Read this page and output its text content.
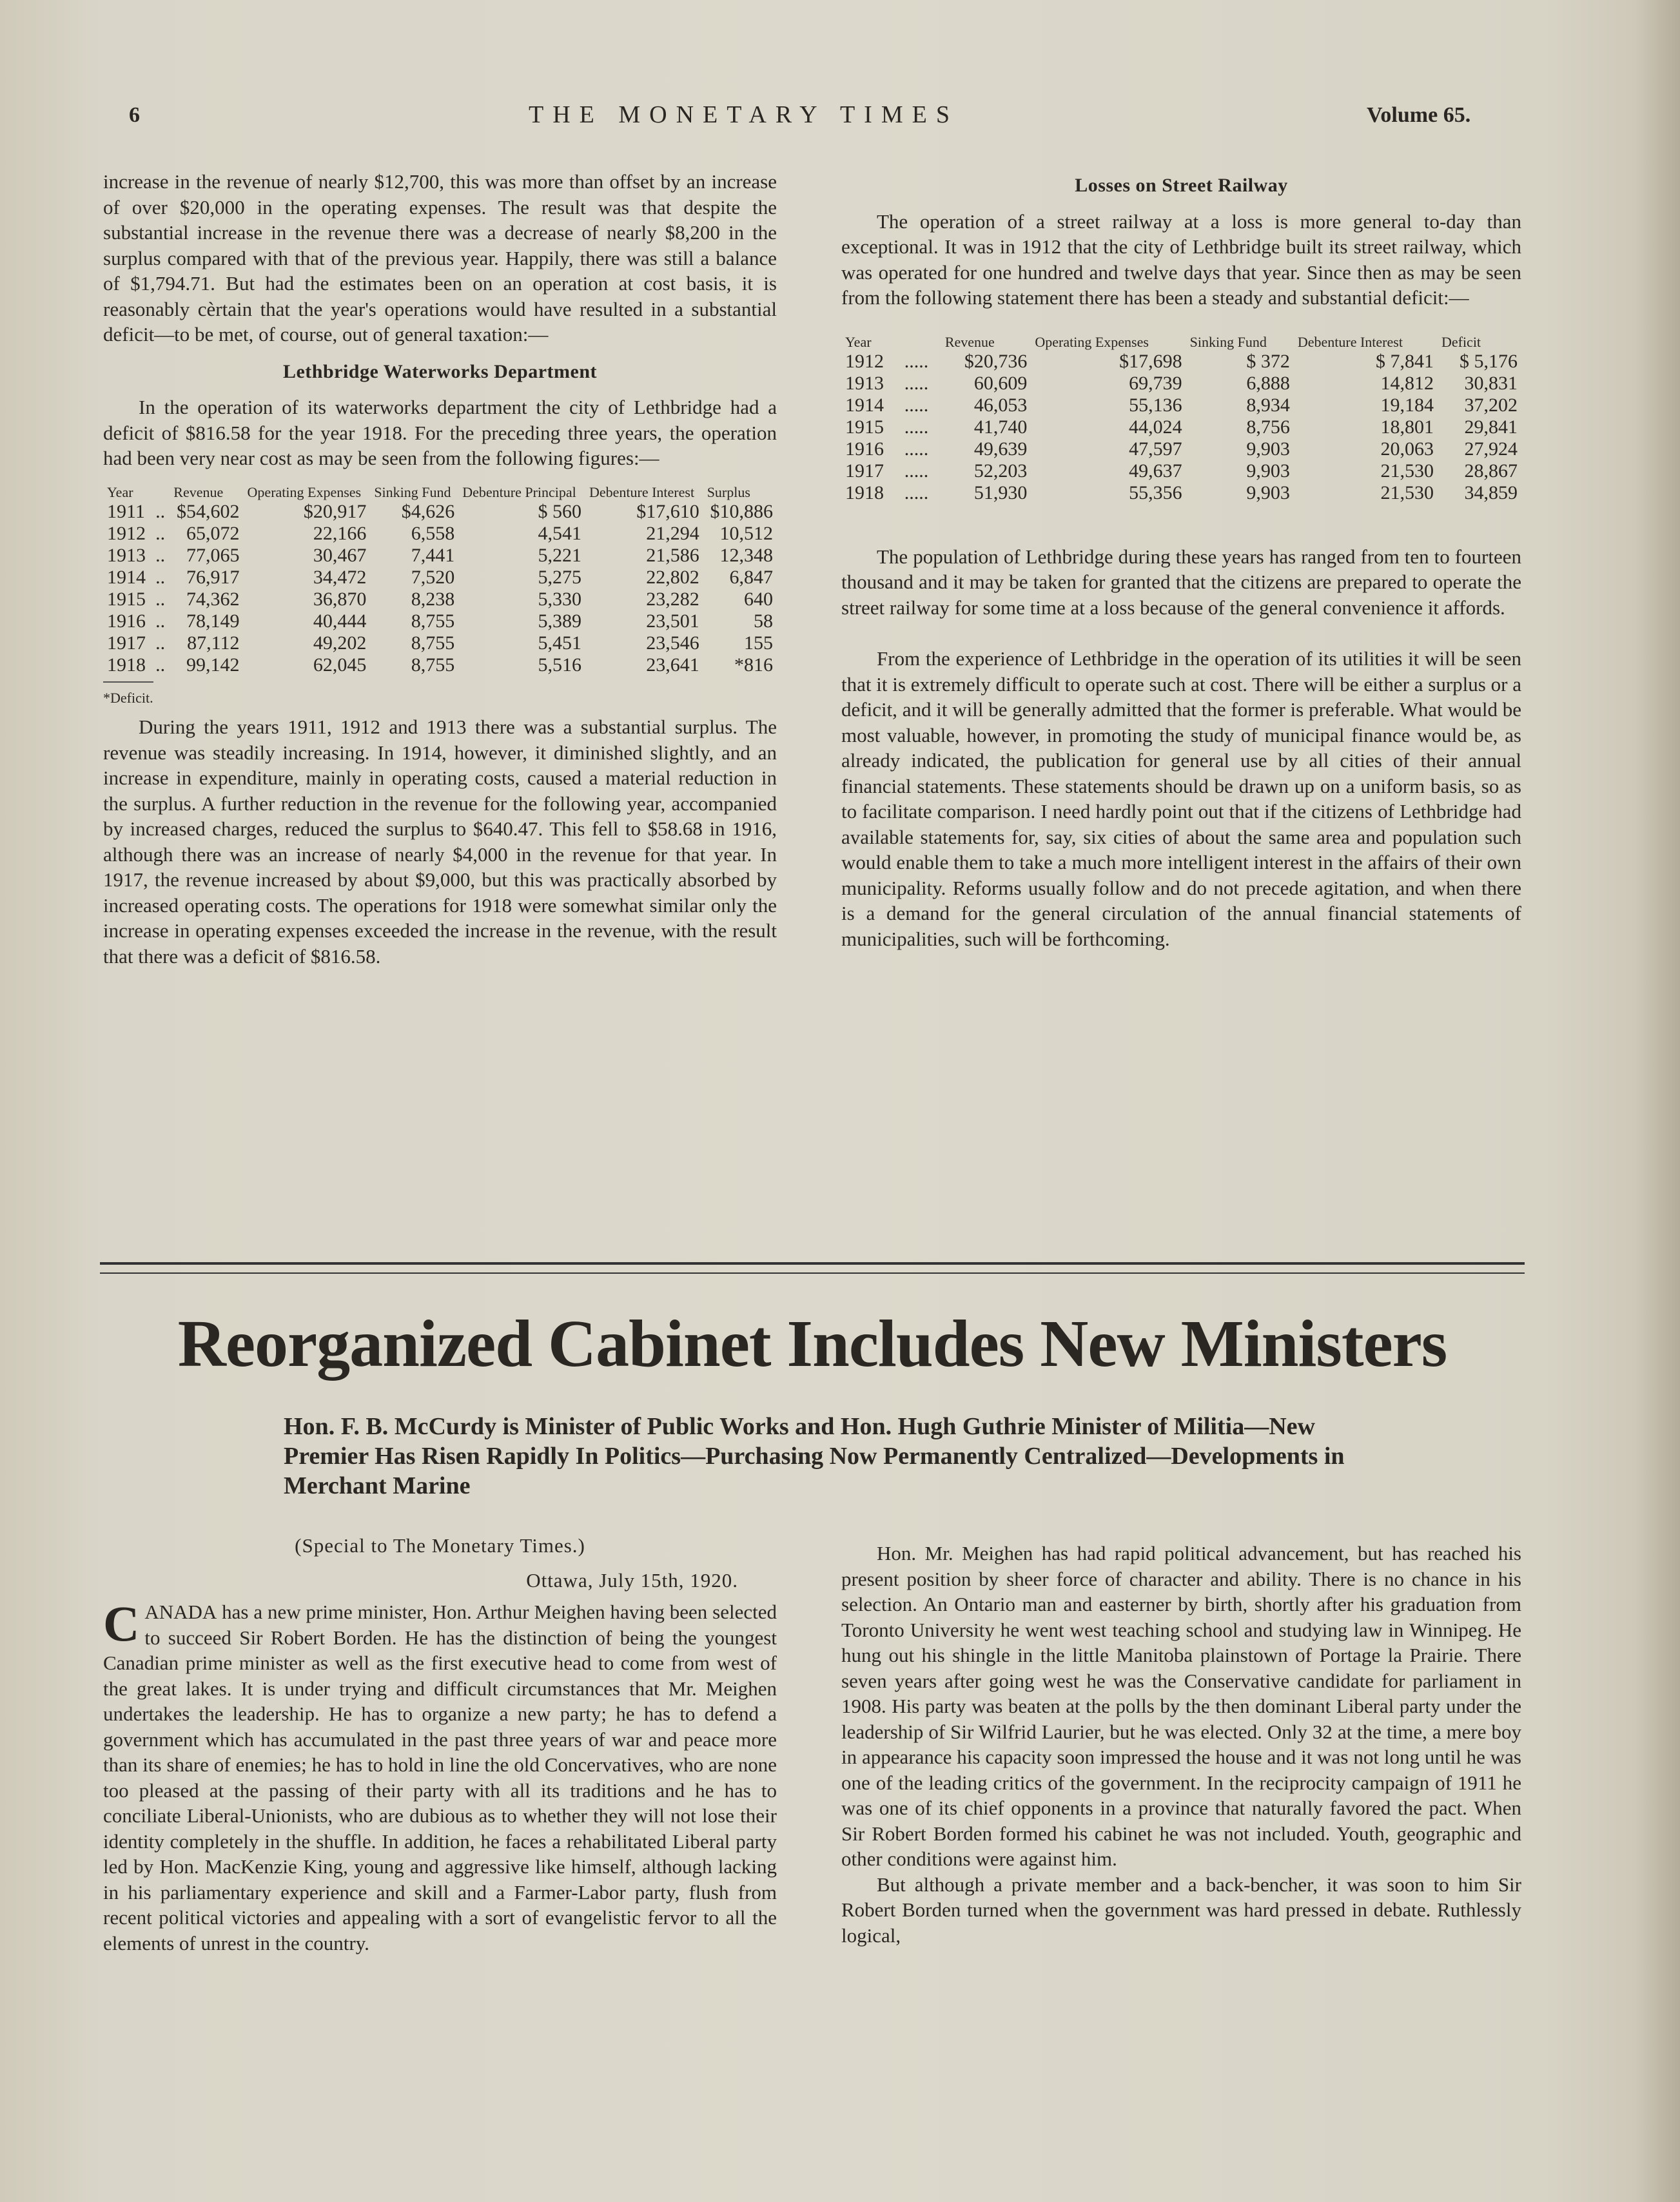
6	THE MONETARY TIMES	Volume 65.

increase in the revenue of nearly $12,700, this was more than offset by an increase of over $20,000 in the operating expenses. The result was that despite the substantial increase in the revenue there was a decrease of nearly $8,200 in the surplus compared with that of the previous year. Happily, there was still a balance of $1,794.71. But had the estimates been on an operation at cost basis, it is reasonably cèrtain that the year's operations would have resulted in a substantial deficit—to be met, of course, out of general taxation:—

Lethbridge Waterworks Department

In the operation of its waterworks department the city of Lethbridge had a deficit of $816.58 for the year 1918. For the preceding three years, the operation had been very near cost as may be seen from the following figures:—

Year		Revenue	Operating Expenses	Sinking Fund	Debenture Principal	Debenture Interest	Surplus
1911	..	$54,602	$20,917	$4,626	$ 560	$17,610	$10,886
1912	..	65,072	22,166	6,558	4,541	21,294	10,512
1913	..	77,065	30,467	7,441	5,221	21,586	12,348
1914	..	76,917	34,472	7,520	5,275	22,802	6,847
1915	..	74,362	36,870	8,238	5,330	23,282	640
1916	..	78,149	40,444	8,755	5,389	23,501	58
1917	..	87,112	49,202	8,755	5,451	23,546	155
1918	..	99,142	62,045	8,755	5,516	23,641	*816
*Deficit.

During the years 1911, 1912 and 1913 there was a substantial surplus. The revenue was steadily increasing. In 1914, however, it diminished slightly, and an increase in expenditure, mainly in operating costs, caused a material reduction in the surplus. A further reduction in the revenue for the following year, accompanied by increased charges, reduced the surplus to $640.47. This fell to $58.68 in 1916, although there was an increase of nearly $4,000 in the revenue for that year. In 1917, the revenue increased by about $9,000, but this was practically absorbed by increased operating costs. The operations for 1918 were somewhat similar only the increase in operating expenses exceeded the increase in the revenue, with the result that there was a deficit of $816.58.

Losses on Street Railway

The operation of a street railway at a loss is more general to-day than exceptional. It was in 1912 that the city of Lethbridge built its street railway, which was operated for one hundred and twelve days that year. Since then as may be seen from the following statement there has been a steady and substantial deficit:—

Year		Revenue	Operating Expenses	Sinking Fund	Debenture Interest	Deficit
1912	.....	$20,736	$17,698	$ 372	$ 7,841	$ 5,176
1913	.....	60,609	69,739	6,888	14,812	30,831
1914	.....	46,053	55,136	8,934	19,184	37,202
1915	.....	41,740	44,024	8,756	18,801	29,841
1916	.....	49,639	47,597	9,903	20,063	27,924
1917	.....	52,203	49,637	9,903	21,530	28,867
1918	.....	51,930	55,356	9,903	21,530	34,859

The population of Lethbridge during these years has ranged from ten to fourteen thousand and it may be taken for granted that the citizens are prepared to operate the street railway for some time at a loss because of the general convenience it affords.

From the experience of Lethbridge in the operation of its utilities it will be seen that it is extremely difficult to operate such at cost. There will be either a surplus or a deficit, and it will be generally admitted that the former is preferable. What would be most valuable, however, in promoting the study of municipal finance would be, as already indicated, the publication for general use by all cities of their annual financial statements. These statements should be drawn up on a uniform basis, so as to facilitate comparison. I need hardly point out that if the citizens of Lethbridge had available statements for, say, six cities of about the same area and population such would enable them to take a much more intelligent interest in the affairs of their own municipality. Reforms usually follow and do not precede agitation, and when there is a demand for the general circulation of the annual financial statements of municipalities, such will be forthcoming.

Reorganized Cabinet Includes New Ministers
Hon. F. B. McCurdy is Minister of Public Works and Hon. Hugh Guthrie Minister of Militia—New Premier Has Risen Rapidly In Politics—Purchasing Now Permanently Centralized—Developments in Merchant Marine
(Special to The Monetary Times.)
Ottawa, July 15th, 1920.

CANADA has a new prime minister, Hon. Arthur Meighen having been selected to succeed Sir Robert Borden. He has the distinction of being the youngest Canadian prime minister as well as the first executive head to come from west of the great lakes. It is under trying and difficult circumstances that Mr. Meighen undertakes the leadership. He has to organize a new party; he has to defend a government which has accumulated in the past three years of war and peace more than its share of enemies; he has to hold in line the old Concervatives, who are none too pleased at the passing of their party with all its traditions and he has to conciliate Liberal-Unionists, who are dubious as to whether they will not lose their identity completely in the shuffle. In addition, he faces a rehabilitated Liberal party led by Hon. MacKenzie King, young and aggressive like himself, although lacking in his parliamentary experience and skill and a Farmer-Labor party, flush from recent political victories and appealing with a sort of evangelistic fervor to all the elements of unrest in the country.

Hon. Mr. Meighen has had rapid political advancement, but has reached his present position by sheer force of character and ability. There is no chance in his selection. An Ontario man and easterner by birth, shortly after his graduation from Toronto University he went west teaching school and studying law in Winnipeg. He hung out his shingle in the little Manitoba plainstown of Portage la Prairie. There seven years after going west he was the Conservative candidate for parliament in 1908. His party was beaten at the polls by the then dominant Liberal party under the leadership of Sir Wilfrid Laurier, but he was elected. Only 32 at the time, a mere boy in appearance his capacity soon impressed the house and it was not long until he was one of the leading critics of the government. In the reciprocity campaign of 1911 he was one of its chief opponents in a province that naturally favored the pact. When Sir Robert Borden formed his cabinet he was not included. Youth, geographic and other conditions were against him.

But although a private member and a back-bencher, it was soon to him Sir Robert Borden turned when the government was hard pressed in debate. Ruthlessly logical,
